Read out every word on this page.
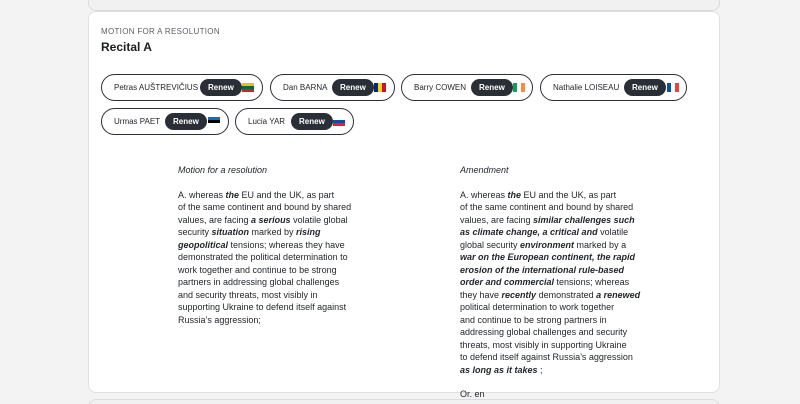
MOTION FOR A RESOLUTION
Recital A
Petras AUŠTREVIČIUS	Renew	Dan BARNA	Renew	Barry COWEN	Renew	Nathalie LOISEAU	Renew
Urmas PAET	Renew	Lucia YAR	Renew
Motion for a resolution
A. whereas the EU and the UK, as part
of the same continent and bound by shared
values, are facing a serious volatile global
security situation marked by rising
geopolitical tensions; whereas they have
demonstrated the political determination to
work together and continue to be strong
partners in addressing global challenges
and security threats, most visibly in
supporting Ukraine to defend itself against
Russia’s aggression;
Amendment
A. whereas the EU and the UK, as part
of the same continent and bound by shared
values, are facing similar challenges such
as climate change, a critical and volatile
global security environment marked by a
war on the European continent, the rapid
erosion of the international rule-based
order and commercial tensions; whereas
they have recently demonstrated a renewed
political determination to work together
and continue to be strong partners in
addressing global challenges and security
threats, most visibly in supporting Ukraine
to defend itself against Russia’s aggression
as long as it takes ;
Or. en
